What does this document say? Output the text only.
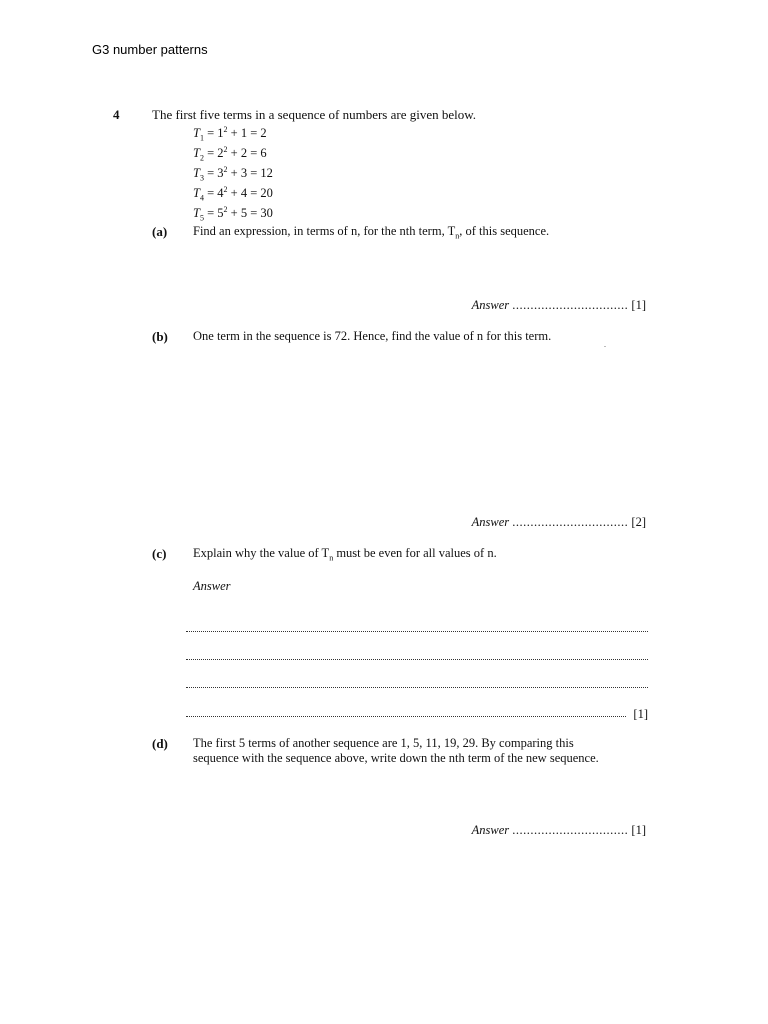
G3 number patterns
4	The first five terms in a sequence of numbers are given below.
$T_1 = 1^2 + 1 = 2$
$T_2 = 2^2 + 2 = 6$
$T_3 = 3^2 + 3 = 12$
$T_4 = 4^2 + 4 = 20$
$T_5 = 5^2 + 5 = 30$
(a) Find an expression, in terms of n, for the nth term, $T_n$, of this sequence.
Answer ................................ [1]
(b) One term in the sequence is 72. Hence, find the value of n for this term.
Answer ................................ [2]
(c) Explain why the value of $T_n$ must be even for all values of n.
Answer
[1]
(d) The first 5 terms of another sequence are 1, 5, 11, 19, 29. By comparing this
sequence with the sequence above, write down the nth term of the new sequence.
Answer ................................ [1]
